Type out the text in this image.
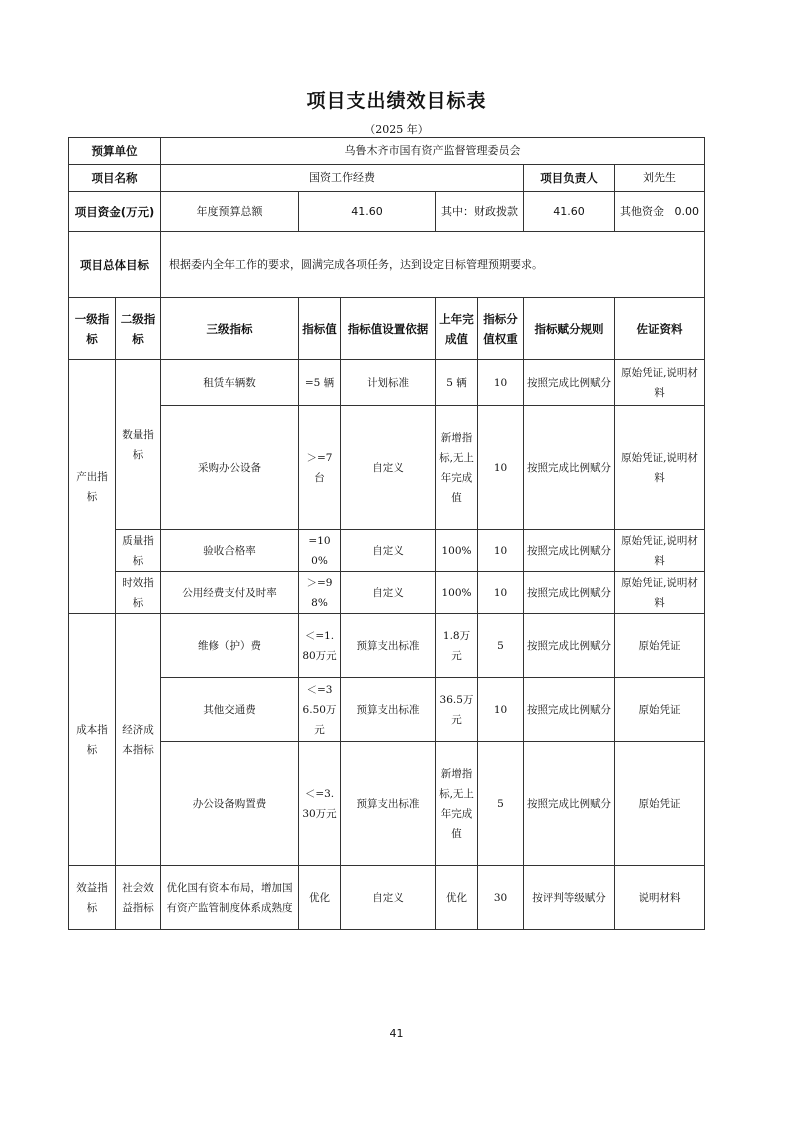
项目支出绩效目标表
（2025 年）
预算单位		乌鲁木齐市国有资产监督管理委员会						
项目名称		国资工作经费					项目负责人	刘先生
项目资金(万元)		年度预算总额	41.60		其中：财政拨款		41.60	其他资金 0.00
项目总体目标		根据委内全年工作的要求，圆满完成各项任务，达到设定目标管理预期要求。						
一级指标	二级指标	三级指标	指标值	指标值设置依据	上年完成值	指标分值权重	指标赋分规则	佐证资料
产出指标	数量指标	租赁车辆数	=5 辆	计划标准	5 辆	10	按照完成比例赋分	原始凭证,说明材料
		采购办公设备	＞=7台	自定义	新增指标,无上年完成值	10	按照完成比例赋分	原始凭证,说明材料
	质量指标	验收合格率	=100%	自定义	100%	10	按照完成比例赋分	原始凭证,说明材料
	时效指标	公用经费支付及时率	＞=98%	自定义	100%	10	按照完成比例赋分	原始凭证,说明材料
成本指标	经济成本指标	维修（护）费	＜=1.80万元	预算支出标准	1.8万元	5	按照完成比例赋分	原始凭证
		其他交通费	＜=36.50万元	预算支出标准	36.5万元	10	按照完成比例赋分	原始凭证
		办公设备购置费	＜=3.30万元	预算支出标准	新增指标,无上年完成值	5	按照完成比例赋分	原始凭证
效益指标	社会效益指标	优化国有资本布局，增加国有资产监管制度体系成熟度	优化	自定义	优化	30	按评判等级赋分	说明材料
41
